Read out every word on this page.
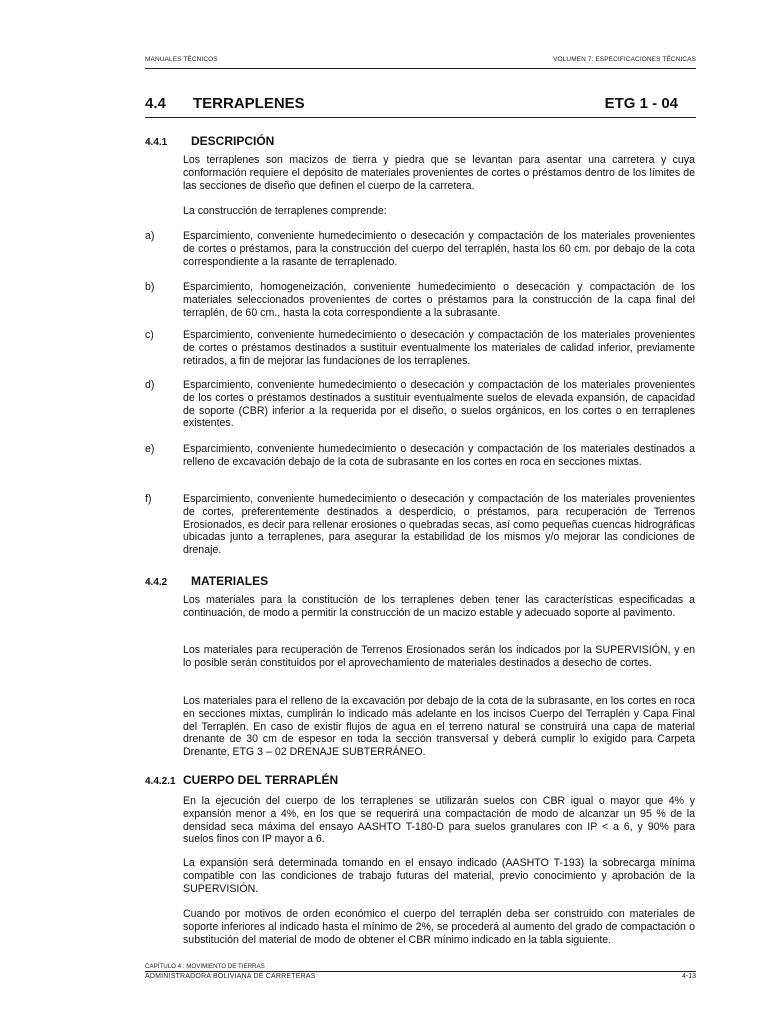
MANUALES TÉCNICOS	VOLUMEN 7: ESPECIFICACIONES TÉCNICAS
4.4 TERRAPLENES	ETG 1 - 04
4.4.1 DESCRIPCIÓN
Los terraplenes son macizos de tierra y piedra que se levantan para asentar una carretera y cuya conformación requiere el depósito de materiales provenientes de cortes o préstamos dentro de los límites de las secciones de diseño que definen el cuerpo de la carretera.
La construcción de terraplenes comprende:
a)	Esparcimiento, conveniente humedecimiento o desecación y compactación de los materiales provenientes de cortes o préstamos, para la construcción del cuerpo del terraplén, hasta los 60 cm. por debajo de la cota correspondiente a la rasante de terraplenado.
b)	Esparcimiento, homogeneización, conveniente humedecimiento o desecación y compactación de los materiales seleccionados provenientes de cortes o préstamos para la construcción de la capa final del terraplén, de 60 cm., hasta la cota correspondiente a la subrasante.
c)	Esparcimiento, conveniente humedecimiento o desecación y compactación de los materiales provenientes de cortes o préstamos destinados a sustituir eventualmente los materiales de calidad inferior, previamente retirados, a fin de mejorar las fundaciones de los terraplenes.
d)	Esparcimiento, conveniente humedecimiento o desecación y compactación de los materiales provenientes de los cortes o préstamos destinados a sustituir eventualmente suelos de elevada expansión, de capacidad de soporte (CBR) inferior a la requerida por el diseño, o suelos orgánicos, en los cortes o en terraplenes existentes.
e)	Esparcimiento, conveniente humedecimiento o desecación y compactación de los materiales destinados a relleno de excavación debajo de la cota de subrasante en los cortes en roca en secciones mixtas.
f)	Esparcimiento, conveniente humedecimiento o desecación y compactación de los materiales provenientes de cortes, preferentemente destinados a desperdicio, o préstamos, para recuperación de Terrenos Erosionados, es decir para rellenar erosiones o quebradas secas, así como pequeñas cuencas hidrográficas ubicadas junto a terraplenes, para asegurar la estabilidad de los mismos y/o mejorar las condiciones de drenaje.
4.4.2 MATERIALES
Los materiales para la constitución de los terraplenes deben tener las características especificadas a continuación, de modo a permitir la construcción de un macizo estable y adecuado soporte al pavimento.
Los materiales para recuperación de Terrenos Erosionados serán los indicados por la SUPERVISIÓN, y en lo posible serán constituidos por el aprovechamiento de materiales destinados a desecho de cortes.
Los materiales para el relleno de la excavación por debajo de la cota de la subrasante, en los cortes en roca en secciones mixtas, cumplirán lo indicado más adelante en los incisos Cuerpo del Terraplén y Capa Final del Terraplén. En caso de existir flujos de agua en el terreno natural se construirá una capa de material drenante de 30 cm de espesor en toda la sección transversal y deberá cumplir lo exigido para Carpeta Drenante, ETG 3 – 02 DRENAJE SUBTERRÁNEO.
4.4.2.1 CUERPO DEL TERRAPLÉN
En la ejecución del cuerpo de los terraplenes se utilizarán suelos con CBR igual o mayor que 4% y expansión menor a 4%, en los que se requerirá una compactación de modo de alcanzar un 95 % de la densidad seca máxima del ensayo AASHTO T-180-D para suelos granulares con IP < a 6, y 90% para suelos finos con IP mayor a 6.
La expansión será determinada tomando en el ensayo indicado (AASHTO T-193) la sobrecarga mínima compatible con las condiciones de trabajo futuras del material, previo conocimiento y aprobación de la SUPERVISIÓN.
Cuando por motivos de orden económico el cuerpo del terraplén deba ser construido con materiales de soporte inferiores al indicado hasta el mínimo de 2%, se procederá al aumento del grado de compactación o substitución del material de modo de obtener el CBR mínimo indicado en la tabla siguiente.
CAPÍTULO 4 : MOVIMIENTO DE TIERRAS
ADMINISTRADORA BOLIVIANA DE CARRETERAS	4-13
